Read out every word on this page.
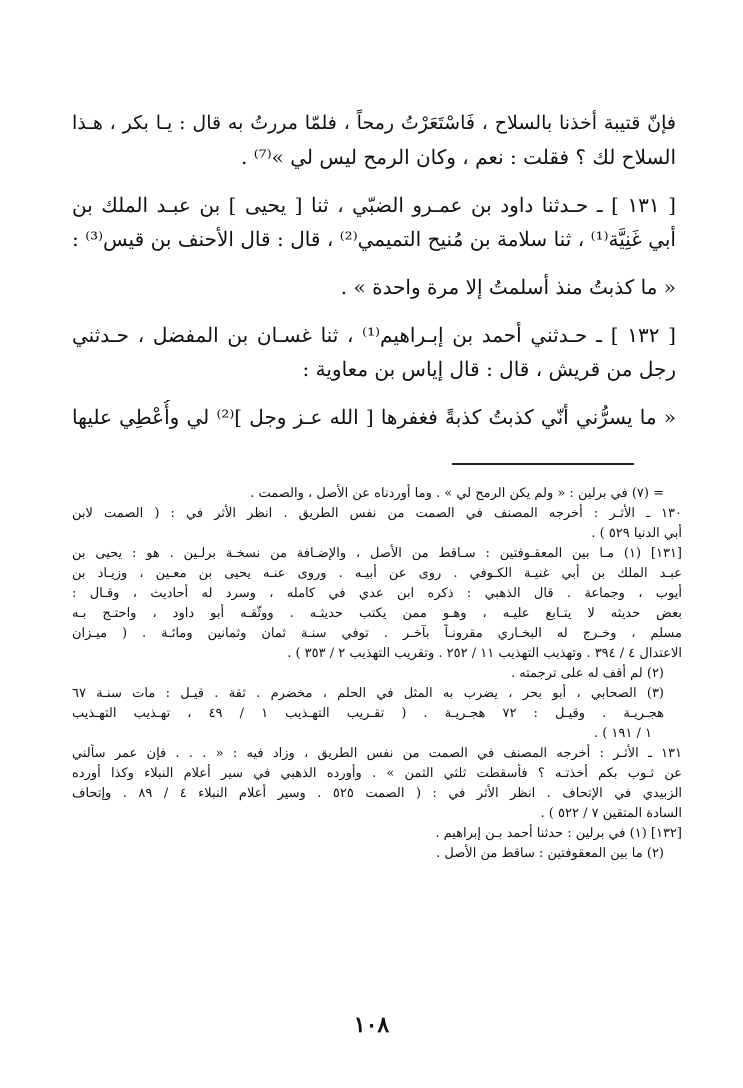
فإنّ قتيبة أخذنا بالسلاح ، فَاسْتَعَرْتُ رمحاً ، فلمّا مررتُ به قال : يـا بكر ، هـذا
السلاح لك ؟ فقلت : نعم ، وكان الرمح ليس لي »⁽⁷⁾ .
[ ١٣١ ] ـ حـدثنا داود بن عمـرو الضبّي ، ثنا [ يحيى ] بن عبـد الملك بن
أبي غَنِيَّة⁽¹⁾ ، ثنا سلامة بن مُنيح التميمي⁽²⁾ ، قال : قال الأحنف بن قيس⁽³⁾ :
« ما كذبتُ منذ أسلمتُ إلا مرة واحدة » .
[ ١٣٢ ] ـ حـدثني أحمد بن إبـراهيم⁽¹⁾ ، ثنا غسـان بن المفضل ، حـدثني
رجل من قريش ، قال : قال إياس بن معاوية :
« ما يسرُّني أنّي كذبتُ كذبةً فغفرها [ الله عـز وجل ]⁽²⁾ لي وأُعْطِي عليها
= (٧) في برلين : « ولم يكن الرمح لي » . وما أوردناه عن الأصل ، والصمت .
١٣٠ ـ الأثـر : أخرجه المصنف في الصمت من نفس الطريق . انظر الأثر في : ( الصمت لابن
أبي الدنيا ٥٢٩ ) .
[١٣١] (١) مـا بين المعقـوفتين : سـاقط من الأصل ، والإضـافة من نسخـة برلـين . هو : يحيى بن
عبـد الملك بن أبي غنيـة الكـوفي . روى عن أبيـه . وروى عنـه يحيى بن معـين ، وزيـاد بن
أيوب ، وجماعة . قال الذهبي : ذكره ابن عدي في كامله ، وسرد له أحاديث ، وقـال :
بعض حديثه لا يتـابع عليـه ، وهـو ممن يكتب حديثـه . ووثّقـه أبو داود ، واحتـج بـه
مسلم ، وخـرج له البخـاري مقرونـاً بآخـر . توفي سنـة ثمان وثمانين ومائـة . ( ميـزان
الاعتدال ٤ / ٣٩٤ . وتهذيب التهذيب ١١ / ٢٥٢ . وتقريب التهذيب ٢ / ٣٥٣ ) .
(٢) لم أقف له على ترجمته .
(٣) الصحابي ، أبو بحر ، يضرب به المثل في الحلم ، مخضرم . ثقة . قيـل : مات سنـة ٦٧
هجـريـة . وقيـل : ٧٢ هجـريـة . ( تقـريب التهـذيب ١ / ٤٩ ، تهـذيب التهـذيب
١ / ١٩١ ) .
١٣١ ـ الأثـر : أخرجه المصنف في الصمت من نفس الطريق ، وزاد فيه : « . . . فإن عمر سألني
عن ثـوب بكم أخذتـه ؟ فأسقطت ثلثي الثمن » . وأورده الذهبي في سير أعلام النبلاء وكذا أورده
الزبيدي في الإتحاف . انظر الأثر في : ( الصمت ٥٢٥ . وسير أعلام النبلاء ٤ / ٨٩ . وإتحاف
السادة المتقين ٧ / ٥٢٢ ) .
[١٣٢] (١) في برلين : حدثنا أحمد بـن إبراهيم .
(٢) ما بين المعقوفتين : ساقط من الأصل .
١٠٨
